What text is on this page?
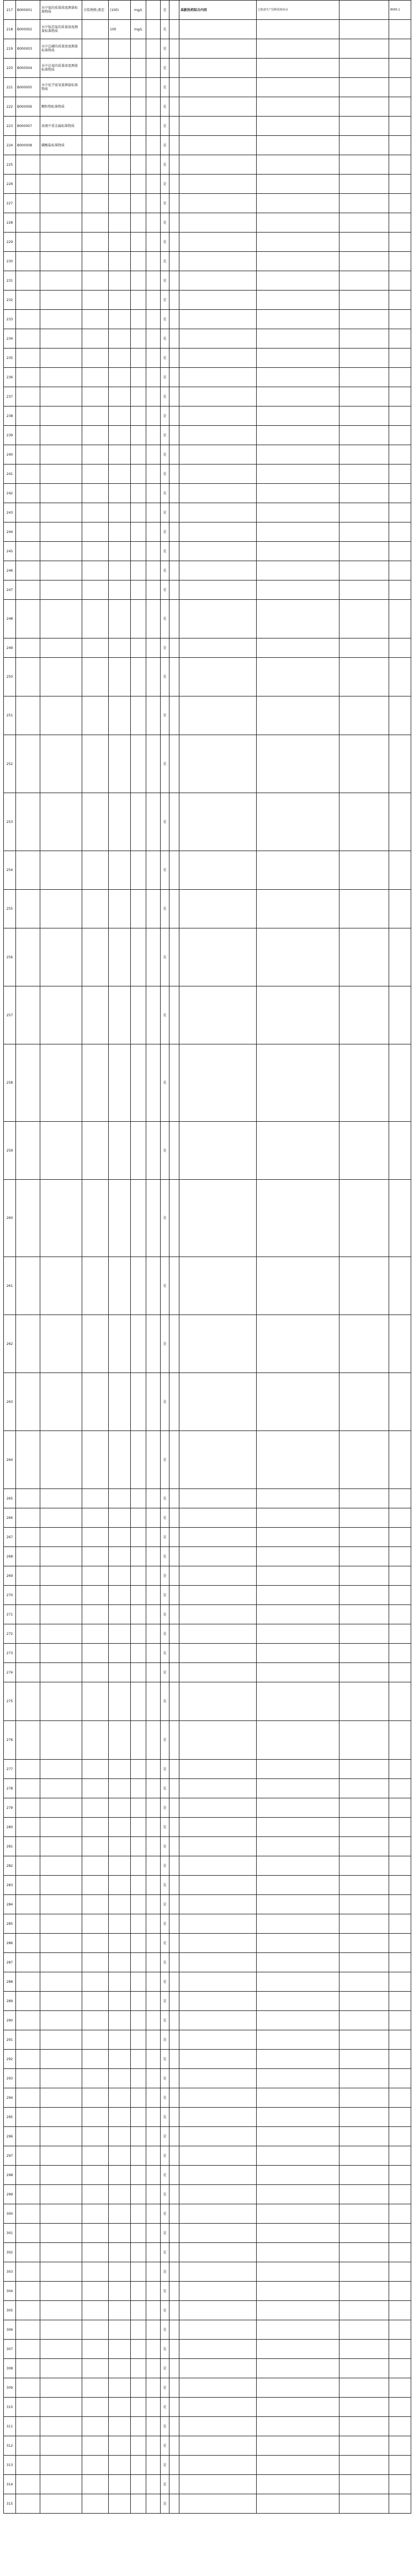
217	B000001	水中氨的质量浓度测量标准物质	分装规格;液态	(100)	mg/L		是		高新医药综合内容	已收款生产国科质检协议		8000.1
218	B000002	水中铵态氮的质量浓度测量标准物质		100	mg/L		是					
219	B000003	水中总磷的质量浓度测量标准物质					是					
220	B000004	水中总氮的质量浓度测量标准物质					是					
221	B000005	水中化学需氧量测量标准物质					是					
222	B000006	颗粒物标准物质					是					
223	B000007	溶液中重金属标准物质					是					
224	B000008	磷酸盐标准物质					是					
225							是					
226							是					
227							是					
228							是					
229							是					
230							是					
231							是					
232							是					
233							是					
234							是					
235							是					
236							是					
237							是					
238							是					
239							是					
240							是					
241							是					
242							是					
243							是					
244							是					
245							是					
246							是					
247							是					
248							是					
249							是					
250							是					
251							是					
252							是					
253							是					
254							是					
255							是					
256							是					
257							是					
258							是					
259							是					
260							是					
261							是					
262							是					
263							是					
264							是					
265							是					
266							是					
267							是					
268							是					
269							是					
270							是					
271							是					
272							是					
273							是					
274							是					
275							是					
276							是					
277							是					
278							是					
279							是					
280							是					
281							是					
282							是					
283							是					
284							是					
285							是					
286							是					
287							是					
288							是					
289							是					
290							是					
291							是					
292							是					
293							是					
294							是					
295							是					
296							是					
297							是					
298							是					
299							是					
300							是					
301							是					
302							是					
303							是					
304							是					
305							是					
306							是					
307							是					
308							是					
309							是					
310							是					
311							是					
312							是					
313							是					
314							是					
315							是					
